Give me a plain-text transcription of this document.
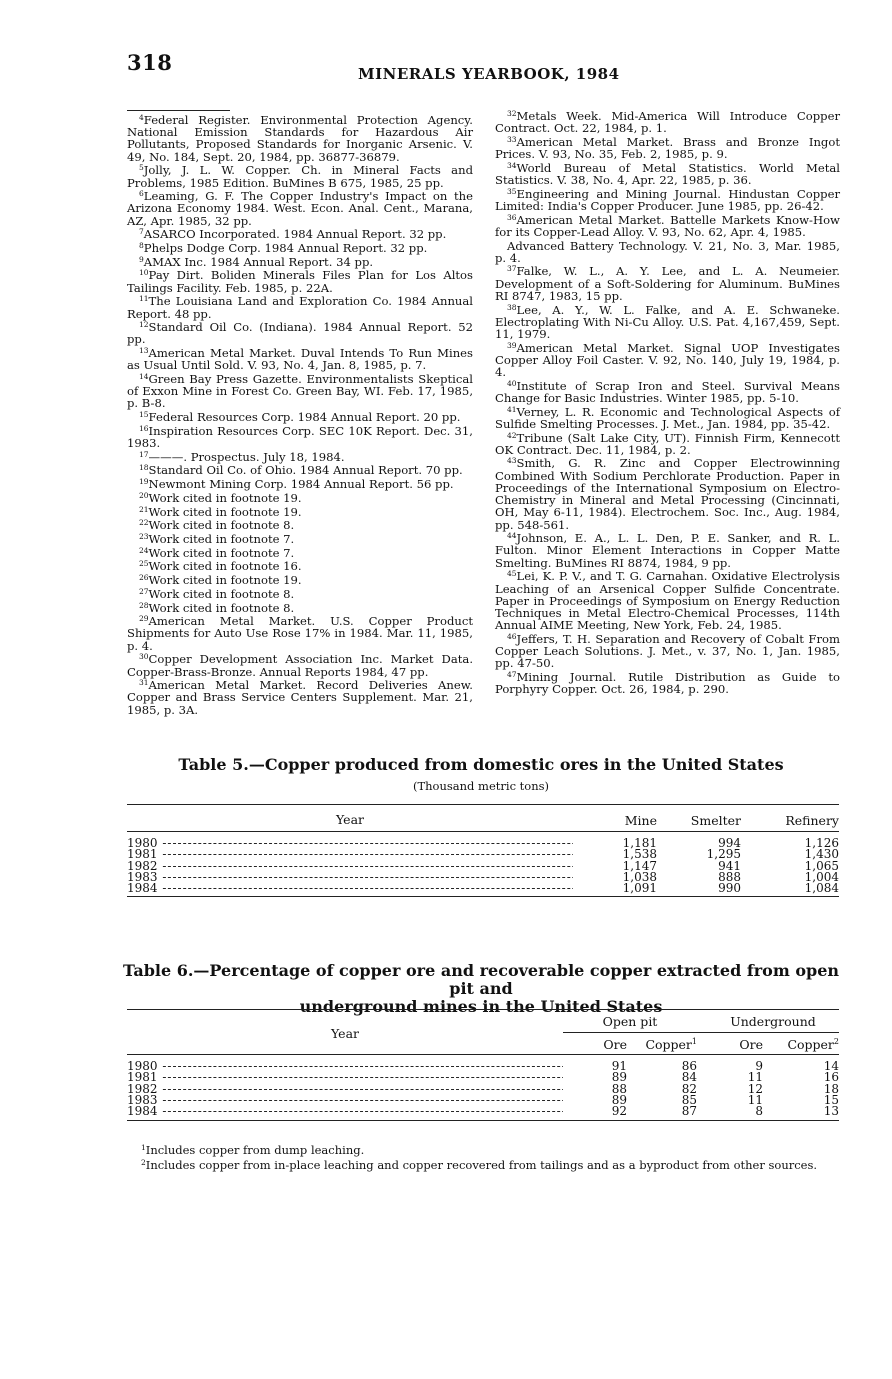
318	MINERALS YEARBOOK, 1984

$^4$Federal Register. Environmental Protection Agency. National Emission Standards for Hazardous Air Pollutants, Proposed Standards for Inorganic Arsenic. V. 49, No. 184, Sept. 20, 1984, pp. 36877-36879.

$^5$Jolly, J. L. W. Copper. Ch. in Mineral Facts and Problems, 1985 Edition. BuMines B 675, 1985, 25 pp.

$^6$Leaming, G. F. The Copper Industry's Impact on the Arizona Economy 1984. West. Econ. Anal. Cent., Marana, AZ, Apr. 1985, 32 pp.

$^7$ASARCO Incorporated. 1984 Annual Report. 32 pp.

$^8$Phelps Dodge Corp. 1984 Annual Report. 32 pp.

$^9$AMAX Inc. 1984 Annual Report. 34 pp.

$^{10}$Pay Dirt. Boliden Minerals Files Plan for Los Altos Tailings Facility. Feb. 1985, p. 22A.

$^{11}$The Louisiana Land and Exploration Co. 1984 Annual Report. 48 pp.

$^{12}$Standard Oil Co. (Indiana). 1984 Annual Report. 52 pp.

$^{13}$American Metal Market. Duval Intends To Run Mines as Usual Until Sold. V. 93, No. 4, Jan. 8, 1985, p. 7.

$^{14}$Green Bay Press Gazette. Environmentalists Skeptical of Exxon Mine in Forest Co. Green Bay, WI. Feb. 17, 1985, p. B-8.

$^{15}$Federal Resources Corp. 1984 Annual Report. 20 pp.

$^{16}$Inspiration Resources Corp. SEC 10K Report. Dec. 31, 1983.

$^{17}$———. Prospectus. July 18, 1984.

$^{18}$Standard Oil Co. of Ohio. 1984 Annual Report. 70 pp.

$^{19}$Newmont Mining Corp. 1984 Annual Report. 56 pp.

$^{20}$Work cited in footnote 19.

$^{21}$Work cited in footnote 19.

$^{22}$Work cited in footnote 8.

$^{23}$Work cited in footnote 7.

$^{24}$Work cited in footnote 7.

$^{25}$Work cited in footnote 16.

$^{26}$Work cited in footnote 19.

$^{27}$Work cited in footnote 8.

$^{28}$Work cited in footnote 8.

$^{29}$American Metal Market. U.S. Copper Product Shipments for Auto Use Rose 17% in 1984. Mar. 11, 1985, p. 4.

$^{30}$Copper Development Association Inc. Market Data. Copper-Brass-Bronze. Annual Reports 1984, 47 pp.

$^{31}$American Metal Market. Record Deliveries Anew. Copper and Brass Service Centers Supplement. Mar. 21, 1985, p. 3A.

$^{32}$Metals Week. Mid-America Will Introduce Copper Contract. Oct. 22, 1984, p. 1.

$^{33}$American Metal Market. Brass and Bronze Ingot Prices. V. 93, No. 35, Feb. 2, 1985, p. 9.

$^{34}$World Bureau of Metal Statistics. World Metal Statistics. V. 38, No. 4, Apr. 22, 1985, p. 36.

$^{35}$Engineering and Mining Journal. Hindustan Copper Limited: India's Copper Producer. June 1985, pp. 26-42.

$^{36}$American Metal Market. Battelle Markets Know-How for its Copper-Lead Alloy. V. 93, No. 62, Apr. 4, 1985.

Advanced Battery Technology. V. 21, No. 3, Mar. 1985, p. 4.

$^{37}$Falke, W. L., A. Y. Lee, and L. A. Neumeier. Development of a Soft-Soldering for Aluminum. BuMines RI 8747, 1983, 15 pp.

$^{38}$Lee, A. Y., W. L. Falke, and A. E. Schwaneke. Electroplating With Ni-Cu Alloy. U.S. Pat. 4,167,459, Sept. 11, 1979.

$^{39}$American Metal Market. Signal UOP Investigates Copper Alloy Foil Caster. V. 92, No. 140, July 19, 1984, p. 4.

$^{40}$Institute of Scrap Iron and Steel. Survival Means Change for Basic Industries. Winter 1985, pp. 5-10.

$^{41}$Verney, L. R. Economic and Technological Aspects of Sulfide Smelting Processes. J. Met., Jan. 1984, pp. 35-42.

$^{42}$Tribune (Salt Lake City, UT). Finnish Firm, Kennecott OK Contract. Dec. 11, 1984, p. 2.

$^{43}$Smith, G. R. Zinc and Copper Electrowinning Combined With Sodium Perchlorate Production. Paper in Proceedings of the International Symposium on Electro-Chemistry in Mineral and Metal Processing (Cincinnati, OH, May 6-11, 1984). Electrochem. Soc. Inc., Aug. 1984, pp. 548-561.

$^{44}$Johnson, E. A., L. L. Den, P. E. Sanker, and R. L. Fulton. Minor Element Interactions in Copper Matte Smelting. BuMines RI 8874, 1984, 9 pp.

$^{45}$Lei, K. P. V., and T. G. Carnahan. Oxidative Electrolysis Leaching of an Arsenical Copper Sulfide Concentrate. Paper in Proceedings of Symposium on Energy Reduction Techniques in Metal Electro-Chemical Processes, 114th Annual AIME Meeting, New York, Feb. 24, 1985.

$^{46}$Jeffers, T. H. Separation and Recovery of Cobalt From Copper Leach Solutions. J. Met., v. 37, No. 1, Jan. 1985, pp. 47-50.

$^{47}$Mining Journal. Rutile Distribution as Guide to Porphyry Copper. Oct. 26, 1984, p. 290.

Table 5.—Copper produced from domestic ores in the United States
(Thousand metric tons)
Year	Mine	Smelter	Refinery
1980 -----	1,181	994	1,126
1981 -----	1,538	1,295	1,430
1982 -----	1,147	941	1,065
1983 -----	1,038	888	1,004
1984 -----	1,091	990	1,084
Table 6.—Percentage of copper ore and recoverable copper extracted from open pit and
underground mines in the United States
Year	Open pit		Underground	
	Ore	Copper$^1$	Ore	Copper$^2$
1980 -----	91	86	9	14
1981 -----	89	84	11	16
1982 -----	88	82	12	18
1983 -----	89	85	11	15
1984 -----	92	87	8	13
$^1$Includes copper from dump leaching.
$^2$Includes copper from in-place leaching and copper recovered from tailings and as a byproduct from other sources.
